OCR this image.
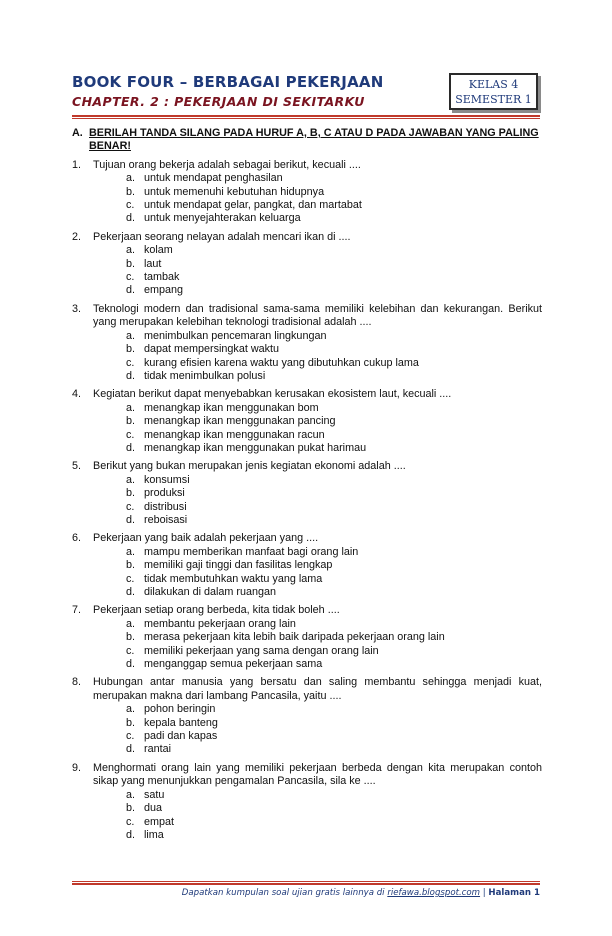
BOOK FOUR – BERBAGAI PEKERJAAN
CHAPTER. 2 : PEKERJAAN DI SEKITARKU
KELAS 4
SEMESTER 1
A. BERILAH TANDA SILANG PADA HURUF A, B, C ATAU D PADA JAWABAN YANG PALING BENAR!
1.	Tujuan orang bekerja adalah sebagai berikut, kecuali ....
a. untuk mendapat penghasilan
b. untuk memenuhi kebutuhan hidupnya
c. untuk mendapat gelar, pangkat, dan martabat
d. untuk menyejahterakan keluarga
2.	Pekerjaan seorang nelayan adalah mencari ikan di ....
a. kolam
b. laut
c. tambak
d. empang
3.	Teknologi modern dan tradisional sama-sama memiliki kelebihan dan kekurangan. Berikut yang merupakan kelebihan teknologi tradisional adalah ....
a. menimbulkan pencemaran lingkungan
b. dapat mempersingkat waktu
c. kurang efisien karena waktu yang dibutuhkan cukup lama
d. tidak menimbulkan polusi
4.	Kegiatan berikut dapat menyebabkan kerusakan ekosistem laut, kecuali ....
a. menangkap ikan menggunakan bom
b. menangkap ikan menggunakan pancing
c. menangkap ikan menggunakan racun
d. menangkap ikan menggunakan pukat harimau
5.	Berikut yang bukan merupakan jenis kegiatan ekonomi adalah ....
a. konsumsi
b. produksi
c. distribusi
d. reboisasi
6.	Pekerjaan yang baik adalah pekerjaan yang ....
a. mampu memberikan manfaat bagi orang lain
b. memiliki gaji tinggi dan fasilitas lengkap
c. tidak membutuhkan waktu yang lama
d. dilakukan di dalam ruangan
7.	Pekerjaan setiap orang berbeda, kita tidak boleh ....
a. membantu pekerjaan orang lain
b. merasa pekerjaan kita lebih baik daripada pekerjaan orang lain
c. memiliki pekerjaan yang sama dengan orang lain
d. menganggap semua pekerjaan sama
8.	Hubungan antar manusia yang bersatu dan saling membantu sehingga menjadi kuat, merupakan makna dari lambang Pancasila, yaitu ....
a. pohon beringin
b. kepala banteng
c. padi dan kapas
d. rantai
9.	Menghormati orang lain yang memiliki pekerjaan berbeda dengan kita merupakan contoh sikap yang menunjukkan pengamalan Pancasila, sila ke ....
a. satu
b. dua
c. empat
d. lima
Dapatkan kumpulan soal ujian gratis lainnya di riefawa.blogspot.com | Halaman 1
